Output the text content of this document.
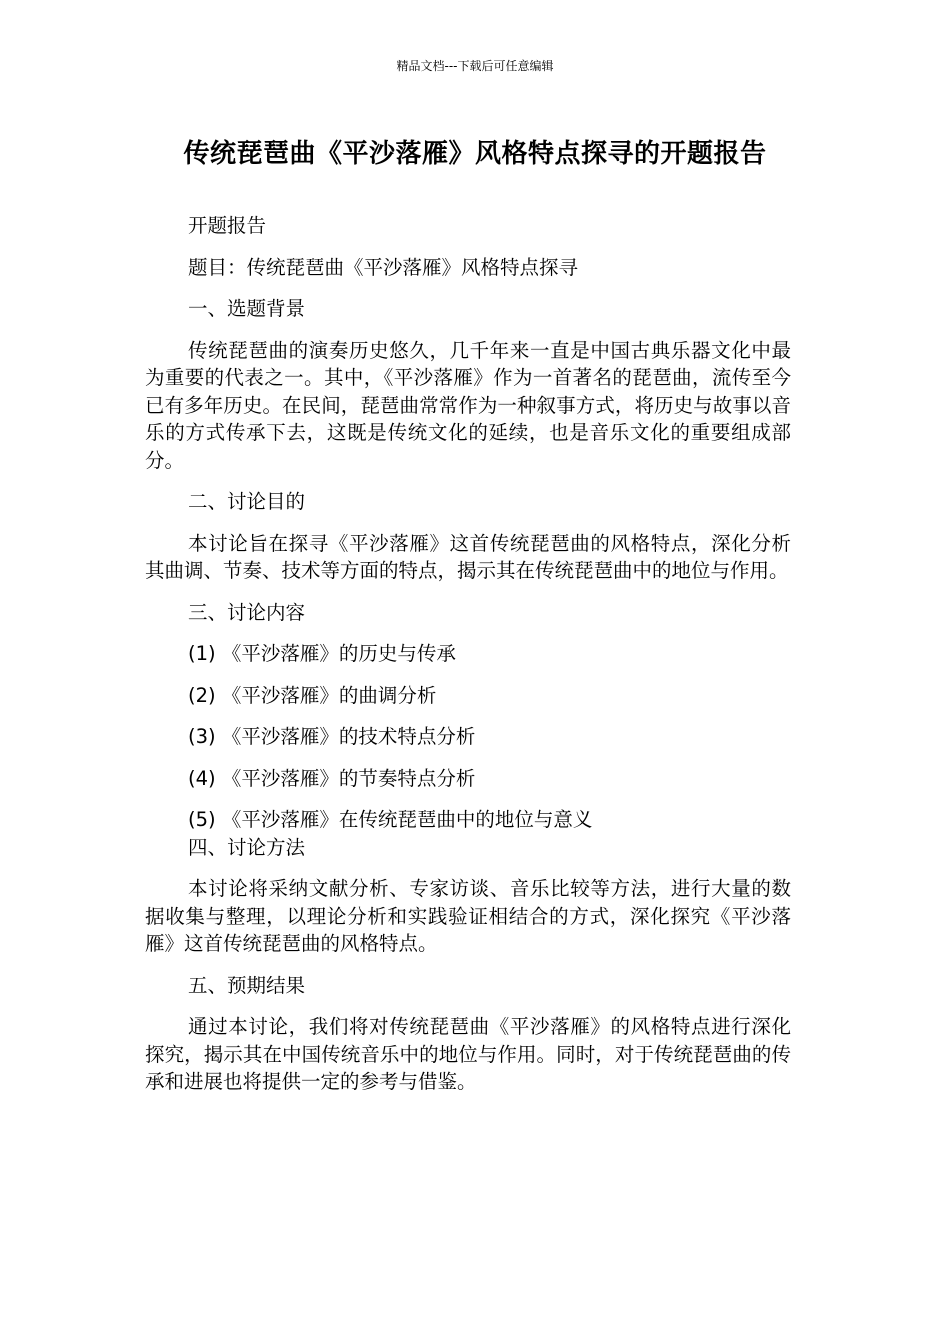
精品文档---下载后可任意编辑
传统琵琶曲《平沙落雁》风格特点探寻的开题报告

开题报告

题目：传统琵琶曲《平沙落雁》风格特点探寻

一、选题背景

传统琵琶曲的演奏历史悠久，几千年来一直是中国古典乐器文化中最为重要的代表之一。其中，《平沙落雁》作为一首著名的琵琶曲，流传至今已有多年历史。在民间，琵琶曲常常作为一种叙事方式，将历史与故事以音乐的方式传承下去，这既是传统文化的延续，也是音乐文化的重要组成部分。

二、讨论目的

本讨论旨在探寻《平沙落雁》这首传统琵琶曲的风格特点，深化分析其曲调、节奏、技术等方面的特点，揭示其在传统琵琶曲中的地位与作用。

三、讨论内容

(1) 《平沙落雁》的历史与传承
(2) 《平沙落雁》的曲调分析
(3) 《平沙落雁》的技术特点分析
(4) 《平沙落雁》的节奏特点分析
(5) 《平沙落雁》在传统琵琶曲中的地位与意义

四、讨论方法

本讨论将采纳文献分析、专家访谈、音乐比较等方法，进行大量的数据收集与整理，以理论分析和实践验证相结合的方式，深化探究《平沙落雁》这首传统琵琶曲的风格特点。

五、预期结果

通过本讨论，我们将对传统琵琶曲《平沙落雁》的风格特点进行深化探究，揭示其在中国传统音乐中的地位与作用。同时，对于传统琵琶曲的传承和进展也将提供一定的参考与借鉴。
